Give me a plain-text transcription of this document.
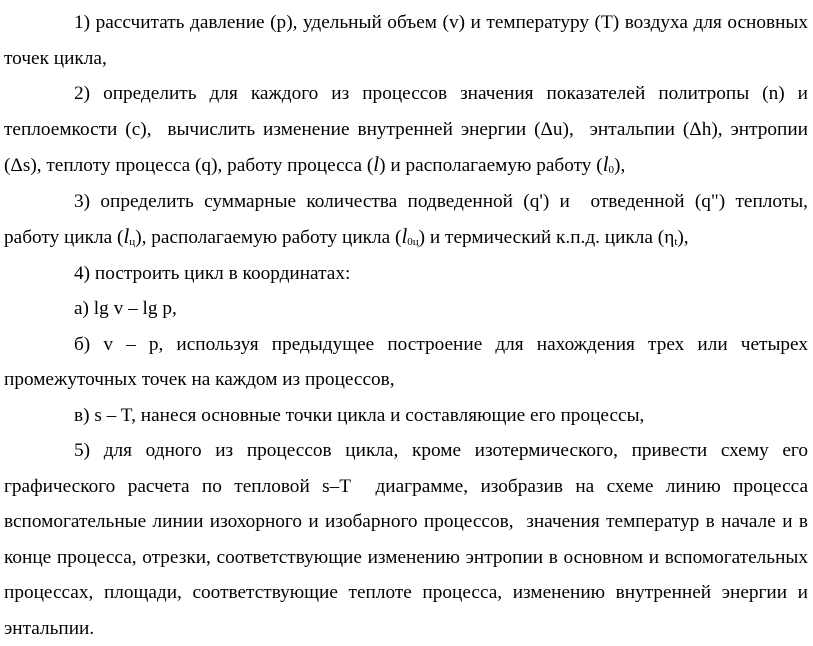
1) рассчитать давление (p), удельный объем (v) и температуру (T) воздуха для основных точек цикла,

2) определить для каждого из процессов значения показателей политропы (n) и теплоемкости (c),  вычислить изменение внутренней энергии (Δu),  энтальпии (Δh), энтропии (Δs), теплоту процесса (q), работу процесса (l) и располагаемую работу $(l_0)$,

3) определить суммарные количества подведенной (q') и  отведенной (q") теплоты, работу цикла $(l_ц)$, располагаемую работу цикла $(l_{0ц})$ и термический к.п.д. цикла $(\eta_t)$,

4) построить цикл в координатах:

а) lg v – lg p,

б) v – p, используя предыдущее построение для нахождения трех или четырех промежуточных точек на каждом из процессов,

в) s – T, нанеся основные точки цикла и составляющие его процессы,

5) для одного из процессов цикла, кроме изотермического, привести схему его графического расчета по тепловой s–T  диаграмме, изобразив на схеме линию процесса вспомогательные линии изохорного и изобарного процессов,  значения температур в начале и в конце процесса, отрезки, соответствующие изменению энтропии в основном и вспомогательных процессах, площади, соответствующие теплоте процесса, изменению внутренней энергии и энтальпии.
